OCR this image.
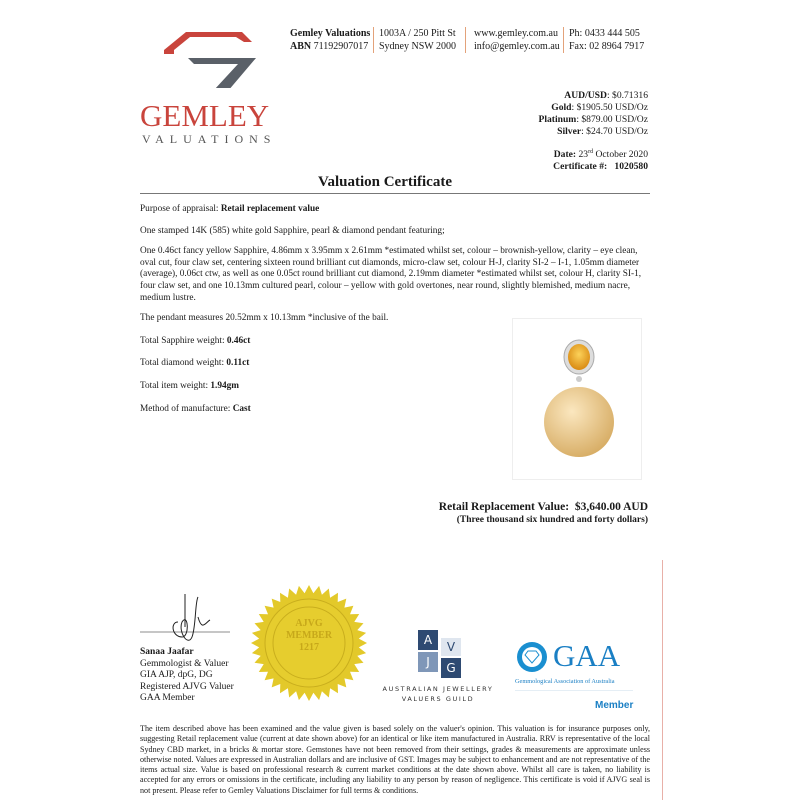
GEMLEY
VALUATIONS
Gemley Valuations
ABN 71192907017
1003A / 250 Pitt St
Sydney NSW 2000
www.gemley.com.au
info@gemley.com.au
Ph: 0433 444 505
Fax: 02 8964 7917
AUD/USD: $0.71316
Gold: $1905.50 USD/Oz
Platinum: $879.00 USD/Oz
Silver: $24.70 USD/Oz
Date: 23rd October 2020
Certificate #: 1020580
Valuation Certificate
Purpose of appraisal: Retail replacement value
One stamped 14K (585) white gold Sapphire, pearl & diamond pendant featuring;
One 0.46ct fancy yellow Sapphire, 4.86mm x 3.95mm x 2.61mm *estimated whilst set, colour – brownish-yellow, clarity – eye clean, oval cut, four claw set, centering sixteen round brilliant cut diamonds, micro-claw set, colour H-J, clarity SI-2 – I-1, 1.05mm diameter (average), 0.06ct ctw, as well as one 0.05ct round brilliant cut diamond, 2.19mm diameter *estimated whilst set, colour H, clarity SI-1, four claw set, and one 10.13mm cultured pearl, colour – yellow with gold overtones, near round, slightly blemished, medium nacre, medium lustre.
The pendant measures 20.52mm x 10.13mm *inclusive of the bail.
Total Sapphire weight: 0.46ct
Total diamond weight: 0.11ct
Total item weight: 1.94gm
Method of manufacture: Cast
Retail Replacement Value: $3,640.00 AUD
(Three thousand six hundred and forty dollars)
Sanaa Jaafar
Gemmologist & Valuer
GIA AJP, dpG, DG
Registered AJVG Valuer
GAA Member
AJVG
MEMBER
1217
A	V
J	G
AUSTRALIAN JEWELLERY
VALUERS GUILD
GAA
Gemmological Association of Australia
Member
The item described above has been examined and the value given is based solely on the valuer's opinion. This valuation is for insurance purposes only, suggesting Retail replacement value (current at date shown above) for an identical or like item manufactured in Australia. RRV is representative of the local Sydney CBD market, in a bricks & mortar store. Gemstones have not been removed from their settings, grades & measurements are approximate unless otherwise noted. Values are expressed in Australian dollars and are inclusive of GST. Images may be subject to enhancement and are not representative of the items actual size. Value is based on professional research & current market conditions at the date shown above. Whilst all care is taken, no liability is accepted for any errors or omissions in the certificate, including any liability to any person by reason of negligence. This certificate is void if AJVG seal is not present. Please refer to Gemley Valuations Disclaimer for full terms & conditions.
